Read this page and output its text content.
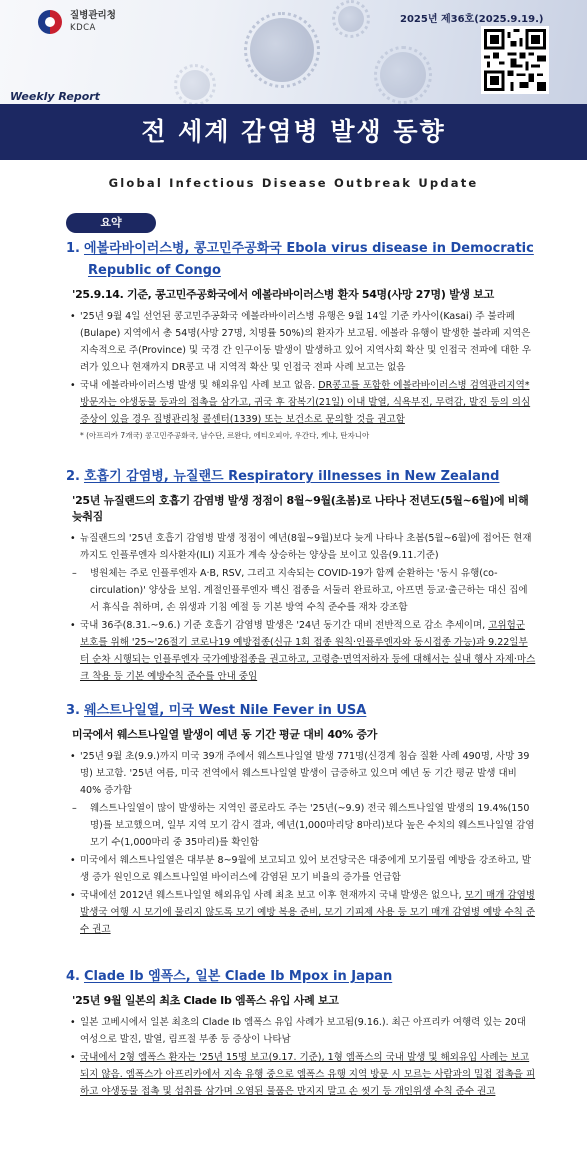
질병관리청
KDCA
2025년 제36호(2025.9.19.)
Weekly Report
전 세계 감염병 발생 동향
Global Infectious Disease Outbreak Update
요약
1. 에볼라바이러스병, 콩고민주공화국 Ebola virus disease in Democratic
Republic of Congo
'25.9.14. 기준, 콩고민주공화국에서 에볼라바이러스병 환자 54명(사망 27명) 발생 보고
• '25년 9월 4일 선언된 콩고민주공화국 에볼라바이러스병 유행은 9월 14일 기준 카사이(Kasai) 주 불라페(Bulape) 지역에서 총 54명(사망 27명, 치명률 50%)의 환자가 보고됨. 에볼라 유행이 발생한 불라페 지역은 지속적으로 주(Province) 및 국경 간 인구이동 발생이 발생하고 있어 지역사회 확산 및 인접국 전파에 대한 우려가 있으나 현재까지 DR콩고 내 지역적 확산 및 인접국 전파 사례 보고는 없음
• 국내 에볼라바이러스병 발생 및 해외유입 사례 보고 없음. DR콩고를 포함한 에볼라바이러스병 검역관리지역* 방문자는 야생동물 등과의 접촉을 삼가고, 귀국 후 잠복기(21일) 이내 발열, 식욕부진, 무력감, 발진 등의 의심 증상이 있을 경우 질병관리청 콜센터(1339) 또는 보건소로 문의할 것을 권고함
* (아프리카 7개국) 콩고민주공화국, 남수단, 르완다, 에티오피아, 우간다, 케냐, 탄자니아
2. 호흡기 감염병, 뉴질랜드 Respiratory illnesses in New Zealand
'25년 뉴질랜드의 호흡기 감염병 발생 정점이 8월~9월(초봄)로 나타나 전년도(5월~6월)에 비해 늦춰짐
• 뉴질랜드의 '25년 호흡기 감염병 발생 정점이 예년(8월~9월)보다 늦게 나타나 초봄(5월~6월)에 접어든 현재까지도 인플루엔자 의사환자(ILI) 지표가 계속 상승하는 양상을 보이고 있음(9.11.기준)
– 병원체는 주로 인플루엔자 A·B, RSV, 그리고 지속되는 COVID-19가 함께 순환하는 '동시 유행(co-circulation)' 양상을 보임. 계절인플루엔자 백신 접종을 서둘러 완료하고, 아프면 등교·출근하는 대신 집에서 휴식을 취하며, 손 위생과 기침 예절 등 기본 방역 수칙 준수를 재차 강조함
• 국내 36주(8.31.~9.6.) 기준 호흡기 감염병 발생은 '24년 동기간 대비 전반적으로 감소 추세이며, 고위험군 보호를 위해 '25~'26절기 코로나19 예방접종(신규 1회 접종 원칙·인플루엔자와 동시접종 가능)과 9.22일부터 순차 시행되는 인플루엔자 국가예방접종을 권고하고, 고령층·면역저하자 등에 대해서는 실내 행사 자제·마스크 착용 등 기본 예방수칙 준수를 안내 중임
3. 웨스트나일열, 미국 West Nile Fever in USA
미국에서 웨스트나일열 발생이 예년 동 기간 평균 대비 40% 증가
• '25년 9월 초(9.9.)까지 미국 39개 주에서 웨스트나일열 발생 771명(신경계 침습 질환 사례 490명, 사망 39명) 보고함. '25년 여름, 미국 전역에서 웨스트나일열 발생이 급증하고 있으며 예년 동 기간 평균 발생 대비 40% 증가함
– 웨스트나일열이 많이 발생하는 지역인 콜로라도 주는 '25년(~9.9) 전국 웨스트나일열 발생의 19.4%(150명)를 보고했으며, 일부 지역 모기 감시 결과, 예년(1,000마리당 8마리)보다 높은 수치의 웨스트나일열 감염 모기 수(1,000마리 중 35마리)를 확인함
• 미국에서 웨스트나일열은 대부분 8~9월에 보고되고 있어 보건당국은 대중에게 모기물림 예방을 강조하고, 발생 증가 원인으로 웨스트나일열 바이러스에 감염된 모기 비율의 증가를 언급함
• 국내에선 2012년 웨스트나일열 해외유입 사례 최초 보고 이후 현재까지 국내 발생은 없으나, 모기 매개 감염병 발생국 여행 시 모기에 물리지 않도록 모기 예방 복용 준비, 모기 기피제 사용 등 모기 매개 감염병 예방 수칙 준수 권고
4. Clade Ib 엠폭스, 일본 Clade Ib Mpox in Japan
'25년 9월 일본의 최초 Clade Ib 엠폭스 유입 사례 보고
• 일본 고베시에서 일본 최초의 Clade Ib 엠폭스 유입 사례가 보고됨(9.16.). 최근 아프리카 여행력 있는 20대 여성으로 발진, 발열, 림프절 부종 등 증상이 나타남
• 국내에서 2형 엠폭스 환자는 '25년 15명 보고(9.17. 기준), 1형 엠폭스의 국내 발생 및 해외유입 사례는 보고되지 않음. 엠폭스가 아프리카에서 지속 유행 중으로 엠폭스 유행 지역 방문 시 모르는 사람과의 밀접 접촉을 피하고 야생동물 접촉 및 섭취를 삼가며 오염된 물품은 만지지 말고 손 씻기 등 개인위생 수칙 준수 권고
